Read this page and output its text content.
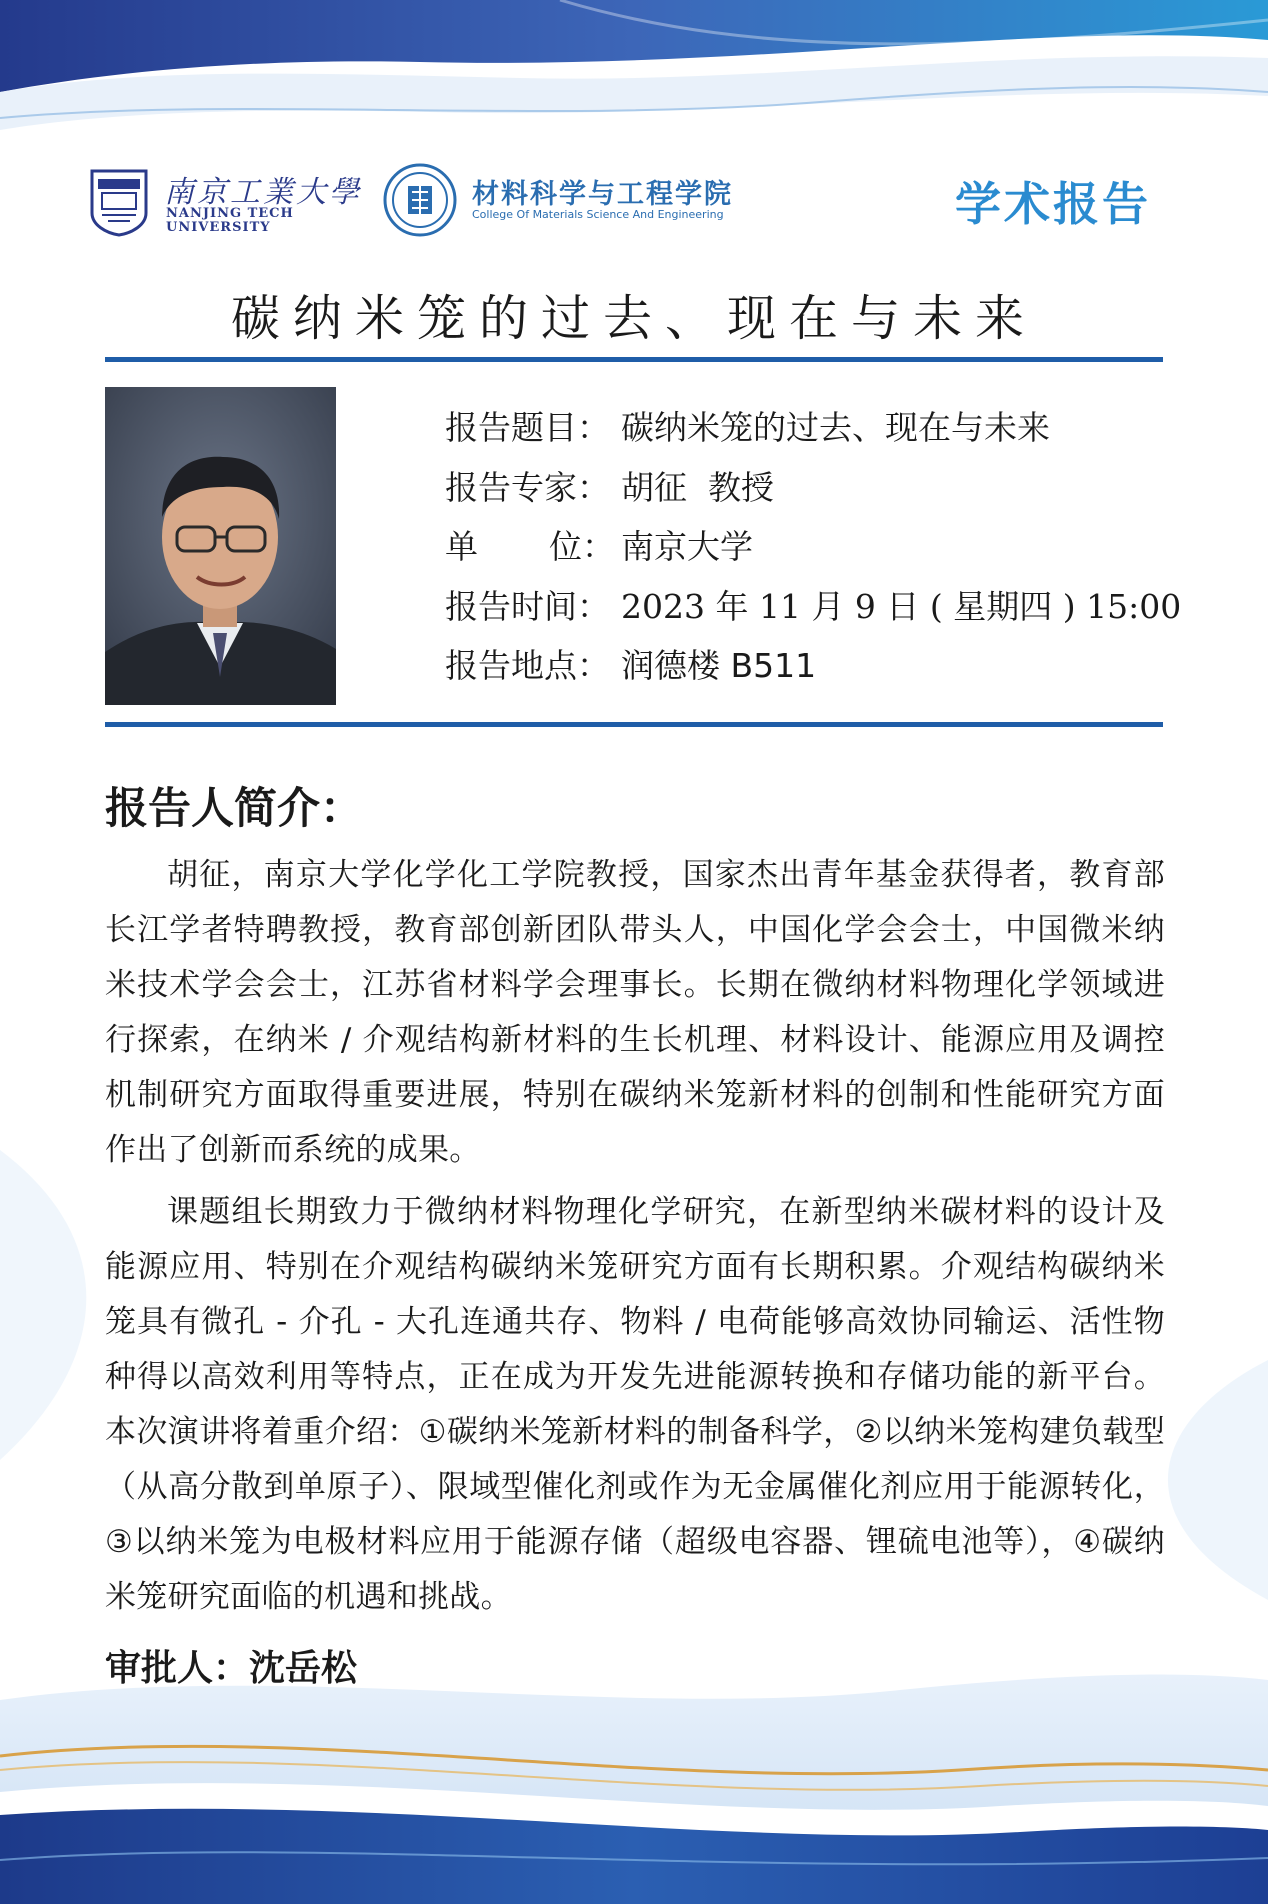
南京工業大學
NANJING TECH
UNIVERSITY
材料科学与工程学院
College Of Materials Science And Engineering	学术报告
碳纳米笼的过去、现在与未来
报告题目： 碳纳米笼的过去、现在与未来
报告专家： 胡征  教授
单 位： 南京大学
报告时间： 2023 年 11 月 9 日 ( 星期四 ) 15:00
报告地点： 润德楼 B511
报告人简介：

胡征，南京大学化学化工学院教授，国家杰出青年基金获得者，教育部长江学者特聘教授，教育部创新团队带头人，中国化学会会士，中国微米纳米技术学会会士，江苏省材料学会理事长。长期在微纳材料物理化学领域进行探索，在纳米 / 介观结构新材料的生长机理、材料设计、能源应用及调控机制研究方面取得重要进展，特别在碳纳米笼新材料的创制和性能研究方面作出了创新而系统的成果。

课题组长期致力于微纳材料物理化学研究，在新型纳米碳材料的设计及能源应用、特别在介观结构碳纳米笼研究方面有长期积累。介观结构碳纳米笼具有微孔 - 介孔 - 大孔连通共存、物料 / 电荷能够高效协同输运、活性物种得以高效利用等特点，正在成为开发先进能源转换和存储功能的新平台。本次演讲将着重介绍：①碳纳米笼新材料的制备科学，②以纳米笼构建负载型（从高分散到单原子）、限域型催化剂或作为无金属催化剂应用于能源转化，③以纳米笼为电极材料应用于能源存储（超级电容器、锂硫电池等），④碳纳米笼研究面临的机遇和挑战。

审批人：沈岳松
